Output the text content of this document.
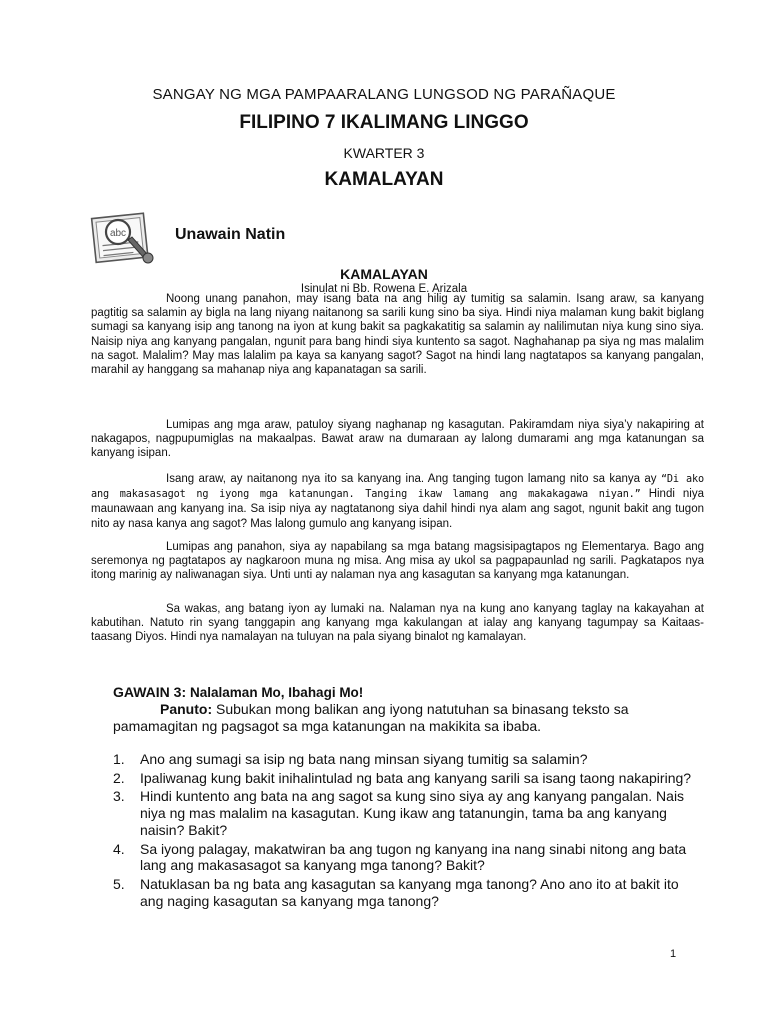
SANGAY NG MGA PAMPAARALANG LUNGSOD NG PARAÑAQUE
FILIPINO 7 IKALIMANG LINGGO
KWARTER 3
KAMALAYAN
abc	Unawain Natin
KAMALAYAN
Isinulat ni Bb. Rowena E. Arizala

Noong unang panahon, may isang bata na ang hilig ay tumitig sa salamin. Isang araw, sa kanyang pagtitig sa salamin ay bigla na lang niyang naitanong sa sarili kung sino ba siya. Hindi niya malaman kung bakit biglang sumagi sa kanyang isip ang tanong na iyon at kung bakit sa pagkakatitig sa salamin ay nalilimutan niya kung sino siya. Naisip niya ang kanyang pangalan, ngunit para bang hindi siya kuntento sa sagot. Naghahanap pa siya ng mas malalim na sagot. Malalim? May mas lalalim pa kaya sa kanyang sagot? Sagot na hindi lang nagtatapos sa kanyang pangalan, marahil ay hanggang sa mahanap niya ang kapanatagan sa sarili.

Lumipas ang mga araw, patuloy siyang naghanap ng kasagutan. Pakiramdam niya siya’y nakapiring at nakagapos, nagpupumiglas na makaalpas. Bawat araw na dumaraan ay lalong dumarami ang mga katanungan sa kanyang isipan.

Isang araw, ay naitanong nya ito sa kanyang ina. Ang tanging tugon lamang nito sa kanya ay “Di ako ang makasasagot ng iyong mga katanungan. Tanging ikaw lamang ang makakagawa niyan.” Hindi niya maunawaan ang kanyang ina. Sa isip niya ay nagtatanong siya dahil hindi nya alam ang sagot, ngunit bakit ang tugon nito ay nasa kanya ang sagot? Mas lalong gumulo ang kanyang isipan.

Lumipas ang panahon, siya ay napabilang sa mga batang magsisipagtapos ng Elementarya. Bago ang seremonya ng pagtatapos ay nagkaroon muna ng misa. Ang misa ay ukol sa pagpapaunlad ng sarili. Pagkatapos nya itong marinig ay naliwanagan siya. Unti unti ay nalaman nya ang kasagutan sa kanyang mga katanungan.

Sa wakas, ang batang iyon ay lumaki na. Nalaman nya na kung ano kanyang taglay na kakayahan at kabutihan. Natuto rin syang tanggapin ang kanyang mga kakulangan at ialay ang kanyang tagumpay sa Kaitaas-taasang Diyos. Hindi nya namalayan na tuluyan na pala siyang binalot ng kamalayan.

GAWAIN 3: Nalalaman Mo, Ibahagi Mo!
Panuto: Subukan mong balikan ang iyong natutuhan sa binasang teksto sa pamamagitan ng pagsagot sa mga katanungan na makikita sa ibaba.
1. Ano ang sumagi sa isip ng bata nang minsan siyang tumitig sa salamin?
2. Ipaliwanag kung bakit inihalintulad ng bata ang kanyang sarili sa isang taong nakapiring?
3. Hindi kuntento ang bata na ang sagot sa kung sino siya ay ang kanyang pangalan. Nais niya ng mas malalim na kasagutan. Kung ikaw ang tatanungin, tama ba ang kanyang naisin? Bakit?
4. Sa iyong palagay, makatwiran ba ang tugon ng kanyang ina nang sinabi nitong ang bata lang ang makasasagot sa kanyang mga tanong? Bakit?
5. Natuklasan ba ng bata ang kasagutan sa kanyang mga tanong? Ano ano ito at bakit ito ang naging kasagutan sa kanyang mga tanong?
1
